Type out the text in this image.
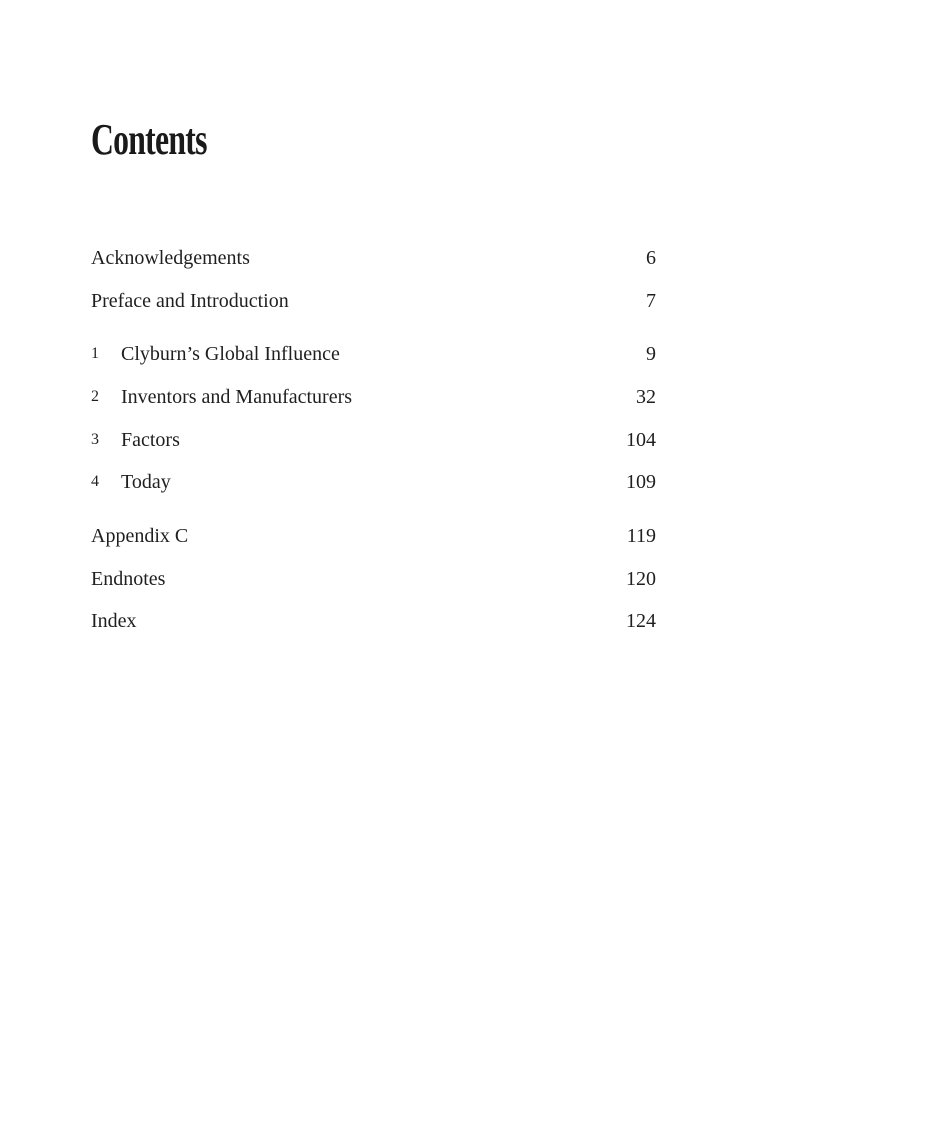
Contents
Acknowledgements	6
Preface and Introduction	7
1 Clyburn’s Global Influence	9
2 Inventors and Manufacturers	32
3 Factors	104
4 Today	109
Appendix C	119
Endnotes	120
Index	124
